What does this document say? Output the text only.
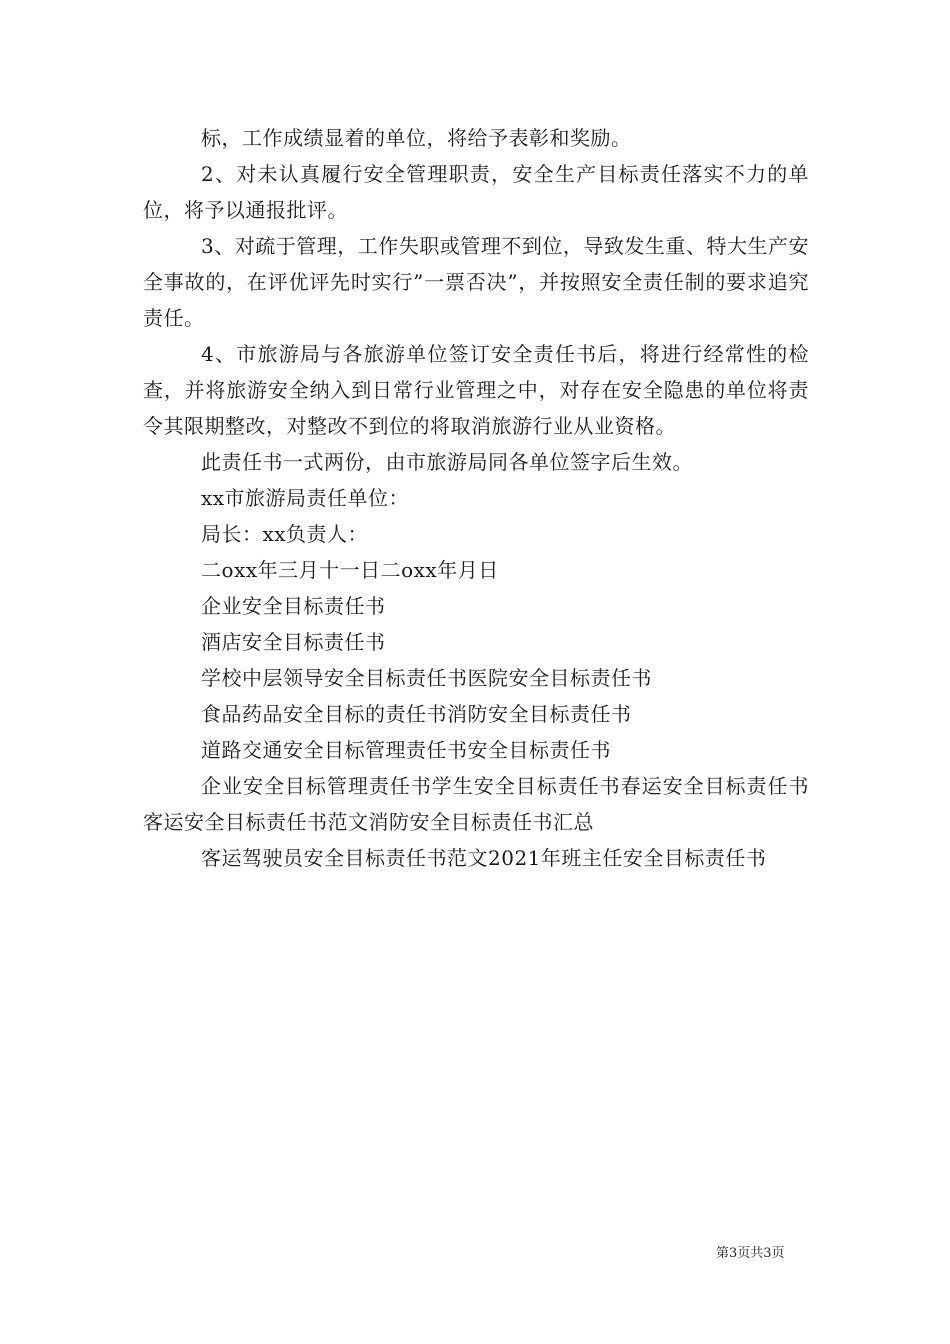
标，工作成绩显着的单位，将给予表彰和奖励。

2、对未认真履行安全管理职责，安全生产目标责任落实不力的单位，将予以通报批评。

3、对疏于管理，工作失职或管理不到位，导致发生重、特大生产安全事故的，在评优评先时实行”一票否决”，并按照安全责任制的要求追究责任。

4、市旅游局与各旅游单位签订安全责任书后，将进行经常性的检查，并将旅游安全纳入到日常行业管理之中，对存在安全隐患的单位将责令其限期整改，对整改不到位的将取消旅游行业从业资格。

此责任书一式两份，由市旅游局同各单位签字后生效。

xx市旅游局责任单位：

局长：xx负责人：

二oxx年三月十一日二oxx年月日

企业安全目标责任书

酒店安全目标责任书

学校中层领导安全目标责任书医院安全目标责任书

食品药品安全目标的责任书消防安全目标责任书

道路交通安全目标管理责任书安全目标责任书

企业安全目标管理责任书学生安全目标责任书春运安全目标责任书客运安全目标责任书范文消防安全目标责任书汇总

客运驾驶员安全目标责任书范文2021年班主任安全目标责任书

第3页共3页
